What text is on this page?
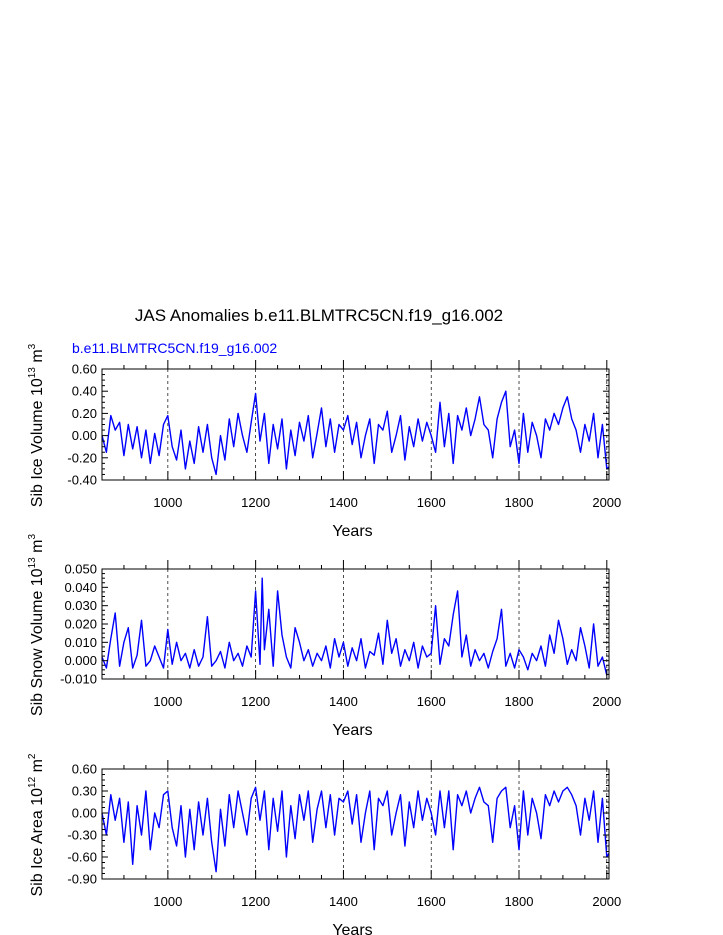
JAS Anomalies b.e11.BLMTRC5CN.f19_g16.002
b.e11.BLMTRC5CN.f19_g16.002
1000	1200	1400	1600	1800	2000
-0.40
-0.20
0.00
0.20
0.40
0.60
Years
Sib Ice Volume $10^{13}$ $m^3$
1000	1200	1400	1600	1800	2000
-0.010
0.000
0.010
0.020
0.030
0.040
0.050
Years
Sib Snow Volume $10^{13}$ $m^3$
1000	1200	1400	1600	1800	2000
-0.90
-0.60
-0.30
0.00
0.30
0.60
Years
Sib Ice Area $10^{12}$ $m^2$
